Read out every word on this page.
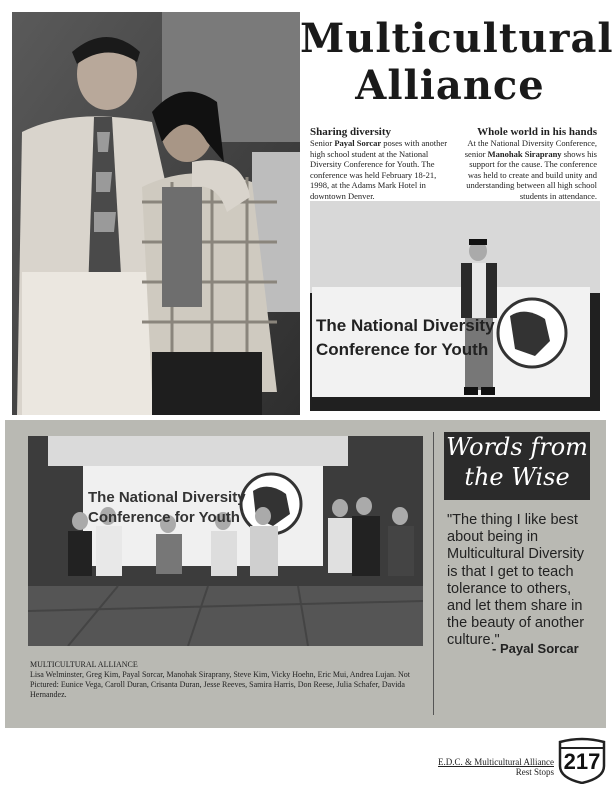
Multicultural
Alliance
Sharing diversity
Senior Payal Sorcar poses with another high school student at the National Diversity Conference for Youth. The conference was held February 18-21, 1998, at the Adams Mark Hotel in downtown Denver.
Whole world in his hands
At the National Diversity Conference, senior Manohak Siraprany shows his support for the cause. The conference was held to create and build unity and understanding between all high school students in attendance.
The National Diversity
Conference for Youth
The National Diversity
Conference for Youth
MULTICULTURAL ALLIANCE
Lisa Welminster, Greg Kim, Payal Sorcar, Manohak Siraprany, Steve Kim, Vicky Hoehn, Eric Mui, Andrea Lujan. Not Pictured: Eunice Vega, Caroll Duran, Crisanta Duran, Jesse Reeves, Samira Harris, Don Reese, Julia Schafer, Davida Hernandez.
Words from
the Wise
"The thing I like best about being in Multicultural Diversity is that I get to teach tolerance to others, and let them share in the beauty of another culture."
- Payal Sorcar
E.D.C. & Multicultural Alliance
Rest Stops 217
